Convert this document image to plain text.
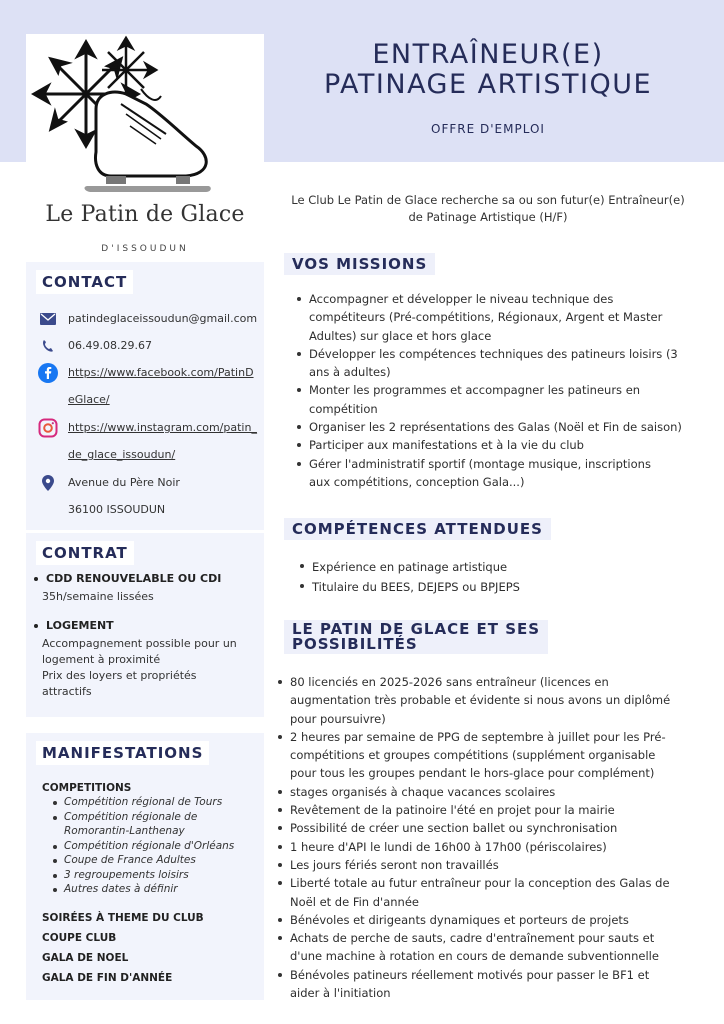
Le Patin de Glace
D'ISSOUDUN
ENTRAÎNEUR(E)
PATINAGE ARTISTIQUE
OFFRE D'EMPLOI
CONTACT
patindeglaceissoudun@gmail.com
06.49.08.29.67
https://www.facebook.com/PatinD
eGlace/
https://www.instagram.com/patin_
de_glace_issoudun/
Avenue du Père Noir
36100 ISSOUDUN
CONTRAT
CDD RENOUVELABLE OU CDI
35h/semaine lissées
LOGEMENT
Accompagnement possible pour un
logement à proximité
Prix des loyers et propriétés
attractifs
MANIFESTATIONS
COMPETITIONS
Compétition régional de Tours
Compétition régionale de
Romorantin-Lanthenay
Compétition régionale d'Orléans
Coupe de France Adultes
3 regroupements loisirs
Autres dates à définir
SOIRÉES À THEME DU CLUB
COUPE CLUB
GALA DE NOEL
GALA DE FIN D'ANNÉE
Le Club Le Patin de Glace recherche sa ou son futur(e) Entraîneur(e)
de Patinage Artistique (H/F)
VOS MISSIONS
Accompagner et développer le niveau technique des
compétiteurs (Pré-compétitions, Régionaux, Argent et Master
Adultes) sur glace et hors glace
Développer les compétences techniques des patineurs loisirs (3
ans à adultes)
Monter les programmes et accompagner les patineurs en
compétition
Organiser les 2 représentations des Galas (Noël et Fin de saison)
Participer aux manifestations et à la vie du club
Gérer l'administratif sportif (montage musique, inscriptions
aux compétitions, conception Gala...)
COMPÉTENCES ATTENDUES
Expérience en patinage artistique
Titulaire du BEES, DEJEPS ou BPJEPS
LE PATIN DE GLACE ET SES
POSSIBILITÉS
80 licenciés en 2025-2026 sans entraîneur (licences en
augmentation très probable et évidente si nous avons un diplômé
pour poursuivre)
2 heures par semaine de PPG de septembre à juillet pour les Pré-
compétitions et groupes compétitions (supplément organisable
pour tous les groupes pendant le hors-glace pour complément)
stages organisés à chaque vacances scolaires
Revêtement de la patinoire l'été en projet pour la mairie
Possibilité de créer une section ballet ou synchronisation
1 heure d'API le lundi de 16h00 à 17h00 (périscolaires)
Les jours fériés seront non travaillés
Liberté totale au futur entraîneur pour la conception des Galas de
Noël et de Fin d'année
Bénévoles et dirigeants dynamiques et porteurs de projets
Achats de perche de sauts, cadre d'entraînement pour sauts et
d'une machine à rotation en cours de demande subventionnelle
Bénévoles patineurs réellement motivés pour passer le BF1 et
aider à l'initiation
